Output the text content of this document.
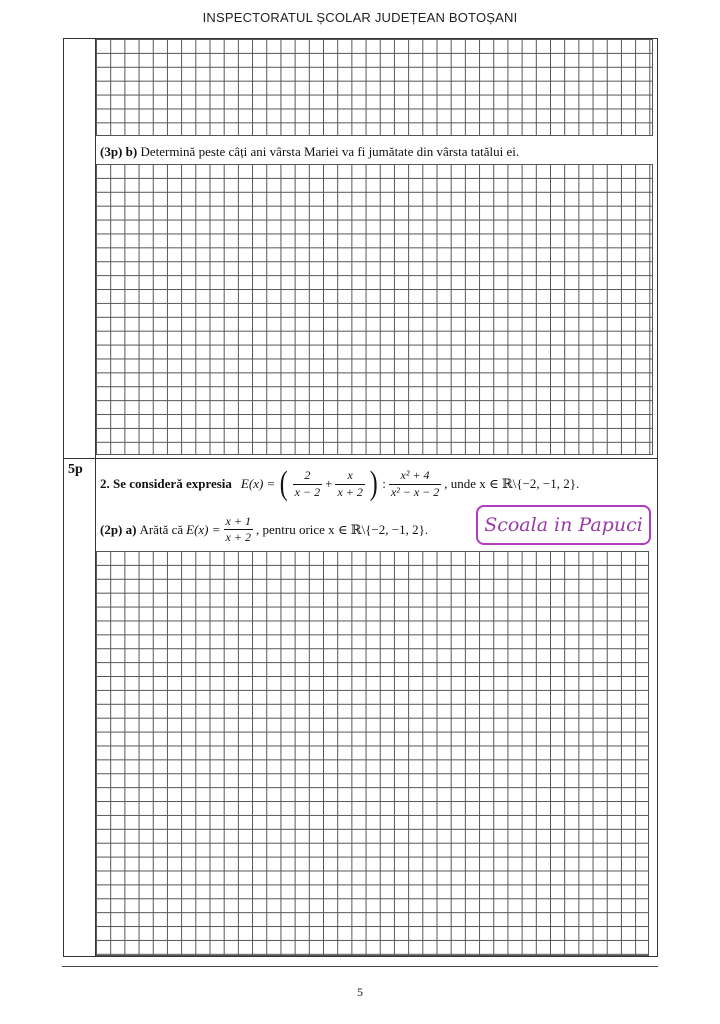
INSPECTORATUL ȘCOLAR JUDEȚEAN BOTOȘANI
(3p) b) Determină peste câți ani vârsta Mariei va fi jumătate din vârsta tatălui ei.
5p
2. Se consideră expresia E(x) = ( $\frac{2}{x - 2} + \frac{x}{x + 2}$ ) : $\frac{\text{x² + 4}}{\text{x² − x − 2}}$ , unde x ∈ ℝ\{−2, −1, 2}.
(2p) a) Arătă că $E(x) = \frac{x + 1}{x + 2}$ , pentru orice x ∈ ℝ\{−2, −1, 2}.	Scoala in Papuci
5
